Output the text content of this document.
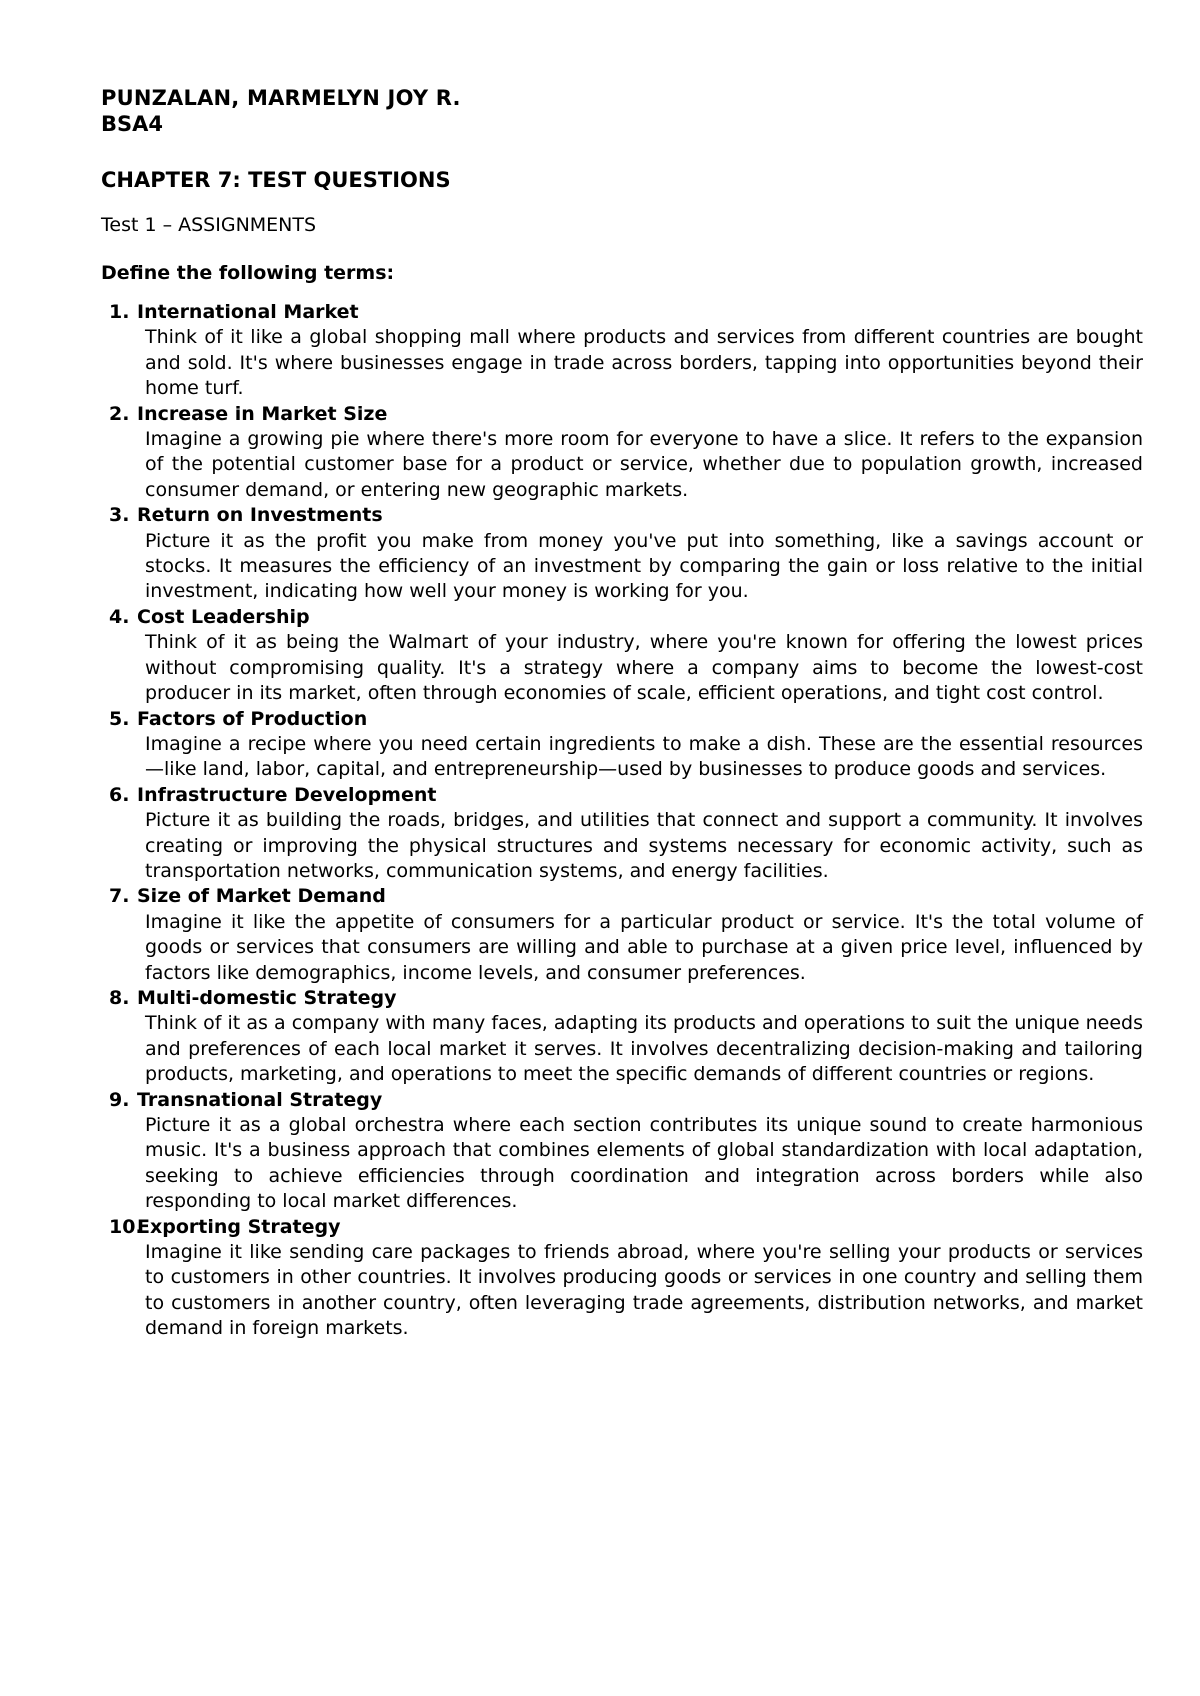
PUNZALAN, MARMELYN JOY R.
BSA4
CHAPTER 7: TEST QUESTIONS
Test 1 – ASSIGNMENTS
Define the following terms:
1. International Market
Think of it like a global shopping mall where products and services from different countries are bought and sold. It's where businesses engage in trade across borders, tapping into opportunities beyond their home turf.
2. Increase in Market Size
Imagine a growing pie where there's more room for everyone to have a slice. It refers to the expansion of the potential customer base for a product or service, whether due to population growth, increased consumer demand, or entering new geographic markets.
3. Return on Investments
Picture it as the profit you make from money you've put into something, like a savings account or stocks. It measures the efficiency of an investment by comparing the gain or loss relative to the initial investment, indicating how well your money is working for you.
4. Cost Leadership
Think of it as being the Walmart of your industry, where you're known for offering the lowest prices without compromising quality. It's a strategy where a company aims to become the lowest-cost producer in its market, often through economies of scale, efficient operations, and tight cost control.
5. Factors of Production
Imagine a recipe where you need certain ingredients to make a dish. These are the essential resources—like land, labor, capital, and entrepreneurship—used by businesses to produce goods and services.
6. Infrastructure Development
Picture it as building the roads, bridges, and utilities that connect and support a community. It involves creating or improving the physical structures and systems necessary for economic activity, such as transportation networks, communication systems, and energy facilities.
7. Size of Market Demand
Imagine it like the appetite of consumers for a particular product or service. It's the total volume of goods or services that consumers are willing and able to purchase at a given price level, influenced by factors like demographics, income levels, and consumer preferences.
8. Multi-domestic Strategy
Think of it as a company with many faces, adapting its products and operations to suit the unique needs and preferences of each local market it serves. It involves decentralizing decision-making and tailoring products, marketing, and operations to meet the specific demands of different countries or regions.
9. Transnational Strategy
Picture it as a global orchestra where each section contributes its unique sound to create harmonious music. It's a business approach that combines elements of global standardization with local adaptation, seeking to achieve efficiencies through coordination and integration across borders while also responding to local market differences.
10.
Exporting Strategy
Imagine it like sending care packages to friends abroad, where you're selling your products or services to customers in other countries. It involves producing goods or services in one country and selling them to customers in another country, often leveraging trade agreements, distribution networks, and market demand in foreign markets.
